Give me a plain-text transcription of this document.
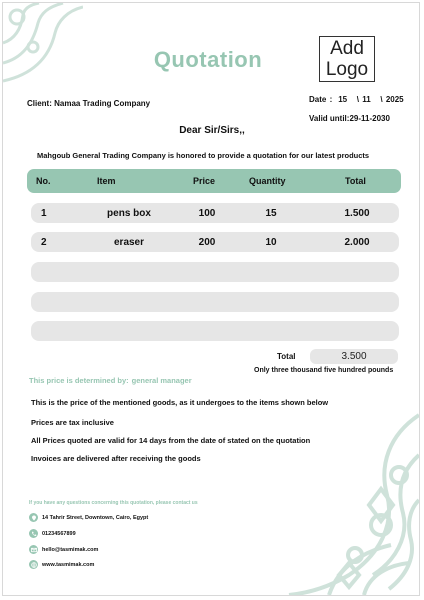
Quotation	Add
Logo
Client: Namaa Trading Company	Date : 15   \ 11   \ 2025
Valid until:29-11-2030
Dear Sir/Sirs,,
Mahgoub General Trading Company is honored to provide a quotation for our latest products
No.	Item	Price	Quantity	Total
1	pens box	100	15	1.500
2	eraser	200	10	2.000
Total	3.500
Only three thousand five hundred pounds
This price is determined by: general manager
This is the price of the mentioned goods, as it undergoes to the items shown below
Prices are tax inclusive
All Prices quoted are valid for 14 days from the date of stated on the quotation
Invoices are delivered after receiving the goods
If you have any questions concerning this quotation, please contact us
14 Tahrir Street, Downtown, Cairo, Egypt
01234567899
hello@tasmimak.com
www.tasmimak.com
